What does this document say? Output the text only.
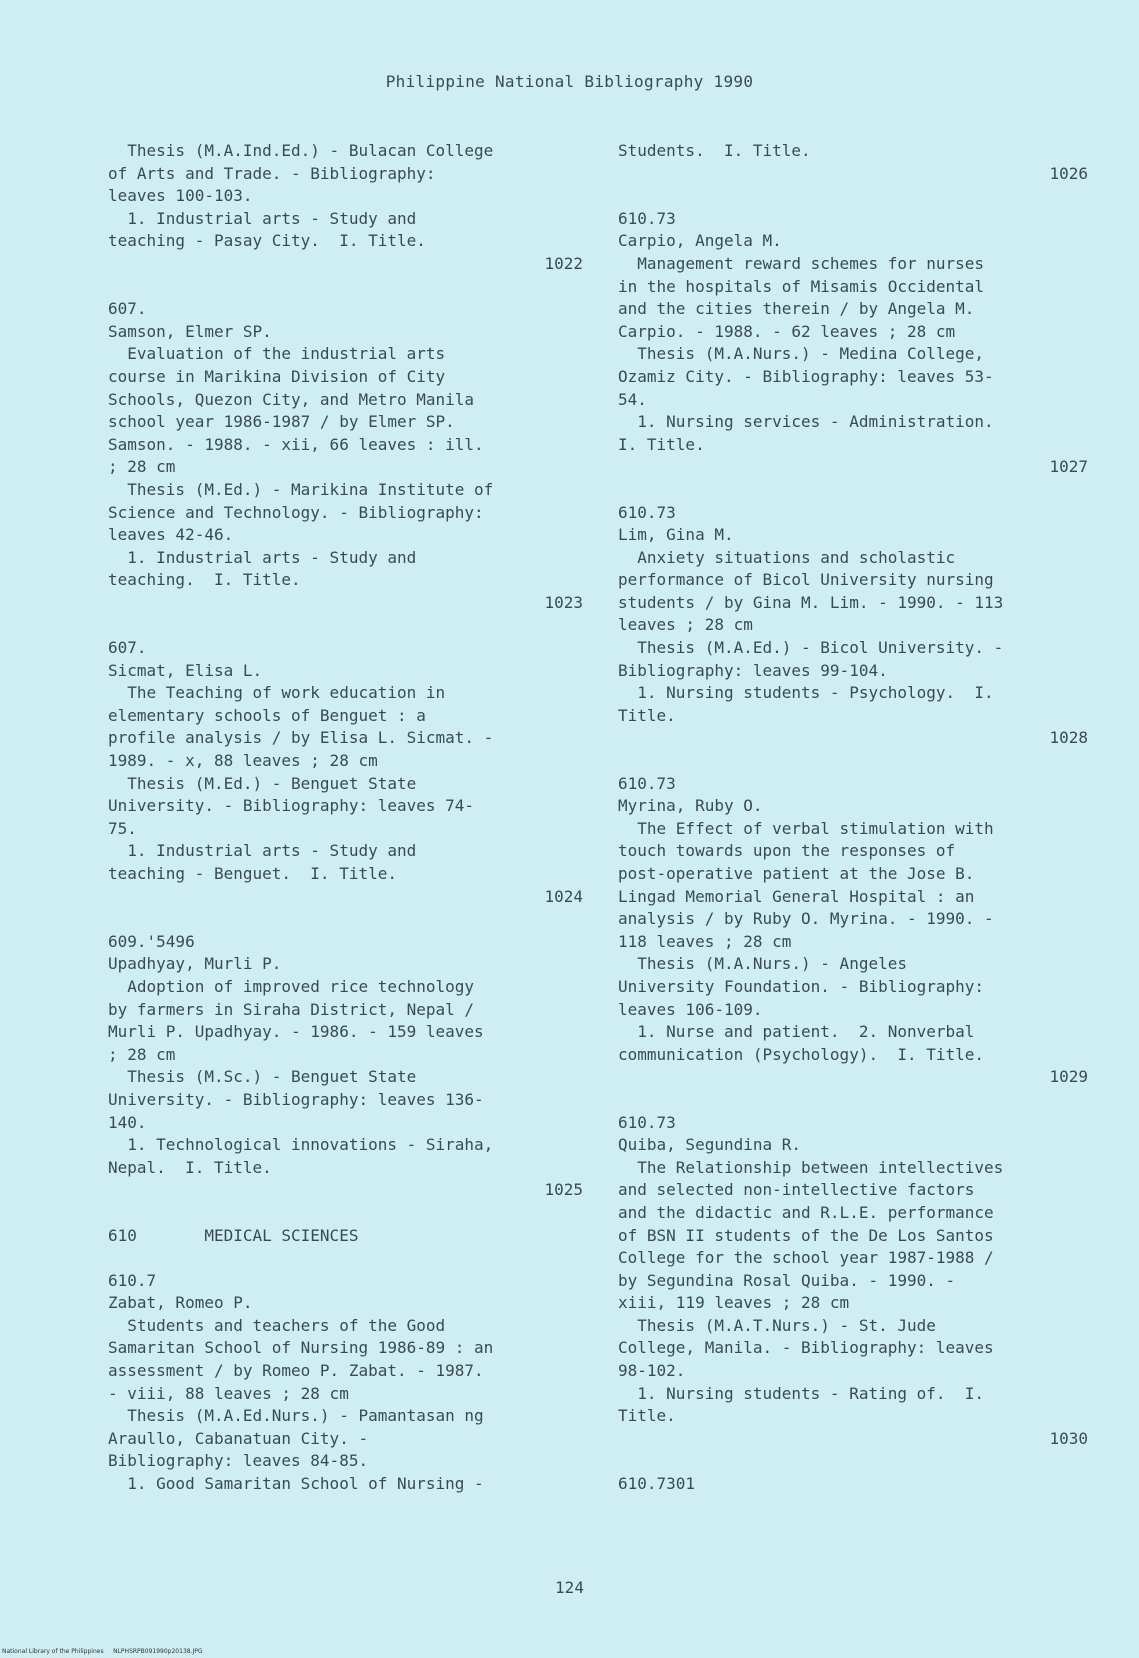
Philippine National Bibliography 1990
Thesis (M.A.Ind.Ed.) - Bulacan College
of Arts and Trade. - Bibliography:
leaves 100-103.
1. Industrial arts - Study and
teaching - Pasay City.  I. Title.
1022
607.
Samson, Elmer SP.
Evaluation of the industrial arts
course in Marikina Division of City
Schools, Quezon City, and Metro Manila
school year 1986-1987 / by Elmer SP.
Samson. - 1988. - xii, 66 leaves : ill.
; 28 cm
Thesis (M.Ed.) - Marikina Institute of
Science and Technology. - Bibliography:
leaves 42-46.
1. Industrial arts - Study and
teaching.  I. Title.
1023
607.
Sicmat, Elisa L.
The Teaching of work education in
elementary schools of Benguet : a
profile analysis / by Elisa L. Sicmat. -
1989. - x, 88 leaves ; 28 cm
Thesis (M.Ed.) - Benguet State
University. - Bibliography: leaves 74-
75.
1. Industrial arts - Study and
teaching - Benguet.  I. Title.
1024
609.'5496
Upadhyay, Murli P.
Adoption of improved rice technology
by farmers in Siraha District, Nepal /
Murli P. Upadhyay. - 1986. - 159 leaves
; 28 cm
Thesis (M.Sc.) - Benguet State
University. - Bibliography: leaves 136-
140.
1. Technological innovations - Siraha,
Nepal.  I. Title.
1025
610       MEDICAL SCIENCES
610.7
Zabat, Romeo P.
Students and teachers of the Good
Samaritan School of Nursing 1986-89 : an
assessment / by Romeo P. Zabat. - 1987.
- viii, 88 leaves ; 28 cm
Thesis (M.A.Ed.Nurs.) - Pamantasan ng
Araullo, Cabanatuan City. -
Bibliography: leaves 84-85.
1. Good Samaritan School of Nursing -
Students.  I. Title.
1026
610.73
Carpio, Angela M.
Management reward schemes for nurses
in the hospitals of Misamis Occidental
and the cities therein / by Angela M.
Carpio. - 1988. - 62 leaves ; 28 cm
Thesis (M.A.Nurs.) - Medina College,
Ozamiz City. - Bibliography: leaves 53-
54.
1. Nursing services - Administration.
I. Title.
1027
610.73
Lim, Gina M.
Anxiety situations and scholastic
performance of Bicol University nursing
students / by Gina M. Lim. - 1990. - 113
leaves ; 28 cm
Thesis (M.A.Ed.) - Bicol University. -
Bibliography: leaves 99-104.
1. Nursing students - Psychology.  I.
Title.
1028
610.73
Myrina, Ruby O.
The Effect of verbal stimulation with
touch towards upon the responses of
post-operative patient at the Jose B.
Lingad Memorial General Hospital : an
analysis / by Ruby O. Myrina. - 1990. -
118 leaves ; 28 cm
Thesis (M.A.Nurs.) - Angeles
University Foundation. - Bibliography:
leaves 106-109.
1. Nurse and patient.  2. Nonverbal
communication (Psychology).  I. Title.
1029
610.73
Quiba, Segundina R.
The Relationship between intellectives
and selected non-intellective factors
and the didactic and R.L.E. performance
of BSN II students of the De Los Santos
College for the school year 1987-1988 /
by Segundina Rosal Quiba. - 1990. -
xiii, 119 leaves ; 28 cm
Thesis (M.A.T.Nurs.) - St. Jude
College, Manila. - Bibliography: leaves
98-102.
1. Nursing students - Rating of.  I.
Title.
1030
610.7301
124
National Library of the Philippines     NLPHSRPB091990p20138.JPG
